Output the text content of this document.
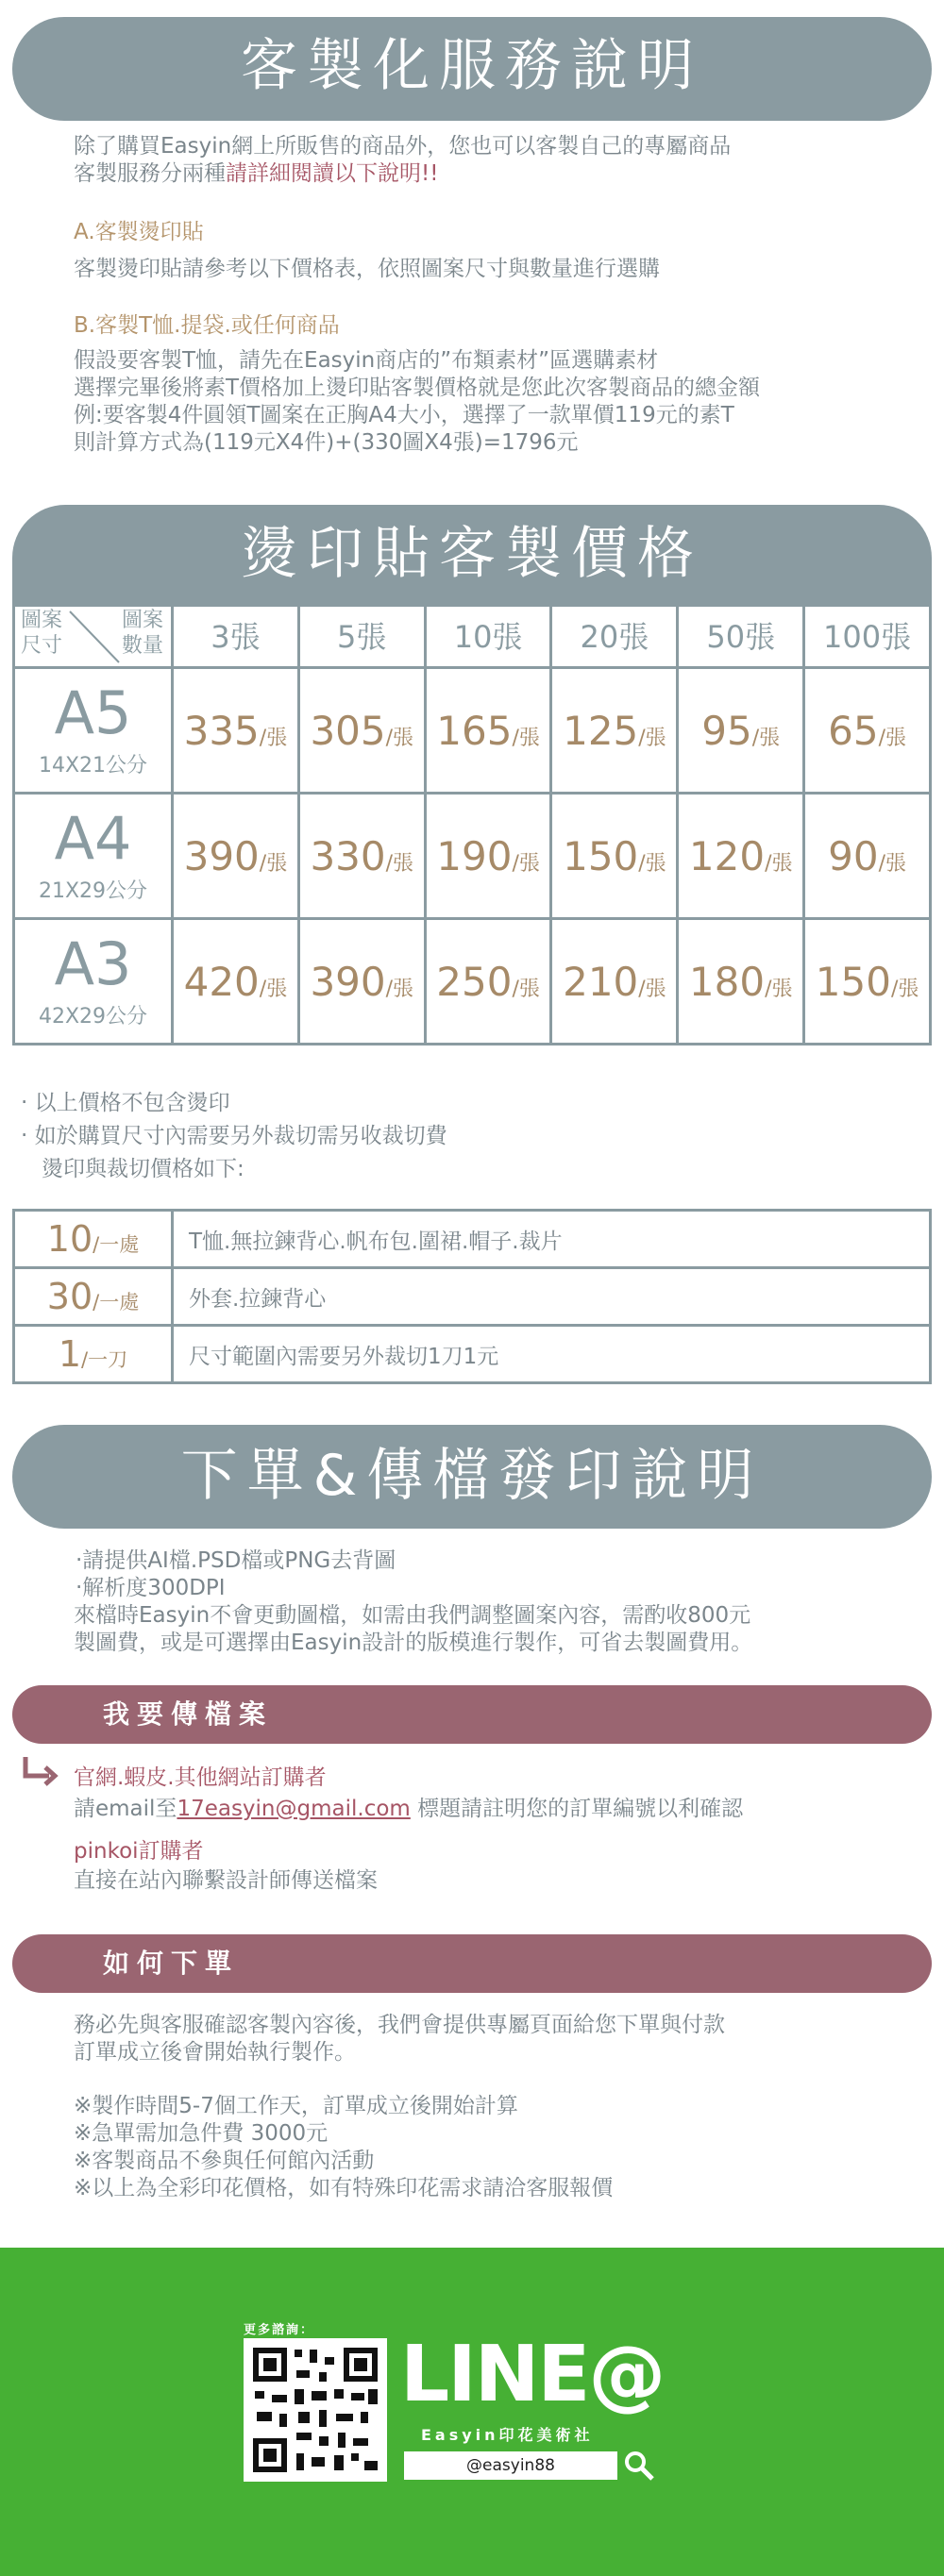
客製化服務說明
除了購買Easyin網上所販售的商品外，您也可以客製自己的專屬商品
客製服務分兩種請詳細閱讀以下說明!!
A.客製燙印貼
客製燙印貼請參考以下價格表，依照圖案尺寸與數量進行選購
B.客製T恤.提袋.或任何商品
假設要客製T恤，請先在Easyin商店的”布類素材”區選購素材
選擇完畢後將素T價格加上燙印貼客製價格就是您此次客製商品的總金額
例:要客製4件圓領T圖案在正胸A4大小，選擇了一款單價119元的素T
則計算方式為(119元X4件)+(330圖X4張)=1796元
燙印貼客製價格
圖案
尺寸
圖案
數量	3張	5張	10張	20張	50張	100張

A5
14X21公分	335/張	305/張	165/張	125/張	95/張	65/張

A4
21X29公分	390/張	330/張	190/張	150/張	120/張	90/張

A3
42X29公分	420/張	390/張	250/張	210/張	180/張	150/張
‧ 以上價格不包含燙印
‧ 如於購買尺寸內需要另外裁切需另收裁切費
燙印與裁切價格如下:
10/一處	T恤.無拉鍊背心.帆布包.圍裙.帽子.裁片
30/一處	外套.拉鍊背心
1/一刀	尺寸範圍內需要另外裁切1刀1元
下單&傳檔發印說明
‧請提供AI檔.PSD檔或PNG去背圖
‧解析度300DPI
來檔時Easyin不會更動圖檔，如需由我們調整圖案內容，需酌收800元
製圖費，或是可選擇由Easyin設計的版模進行製作，可省去製圖費用。
我要傳檔案
官網.蝦皮.其他網站訂購者
請email至17easyin@gmail.com 標題請註明您的訂單編號以利確認
pinkoi訂購者
直接在站內聯繫設計師傳送檔案
如何下單
務必先與客服確認客製內容後，我們會提供專屬頁面給您下單與付款
訂單成立後會開始執行製作。
※製作時間5-7個工作天，訂單成立後開始計算
※急單需加急件費 3000元
※客製商品不參與任何館內活動
※以上為全彩印花價格，如有特殊印花需求請洽客服報價
更多諮詢： LINE@
Easyin印花美術社
@easyin88
